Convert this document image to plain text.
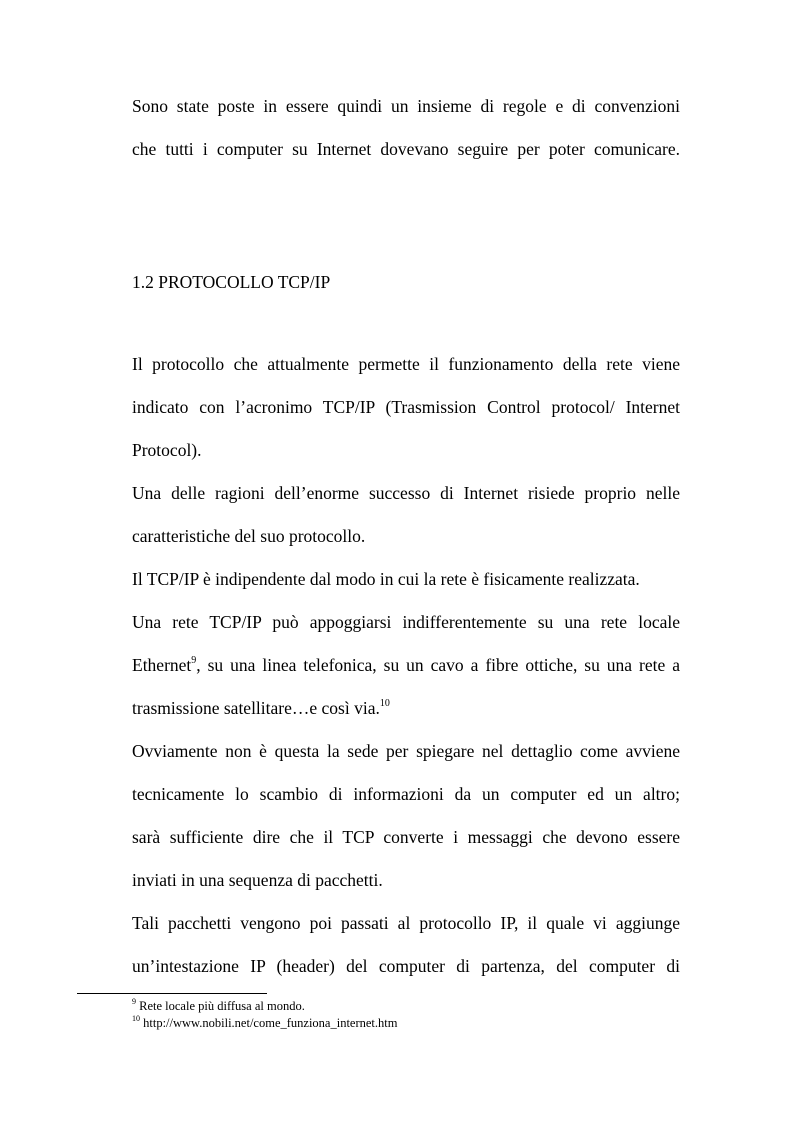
Sono state poste in essere quindi un insieme di regole e di convenzioni
che tutti i computer su Internet dovevano seguire per poter comunicare.
1.2 PROTOCOLLO TCP/IP
Il protocollo che attualmente permette il funzionamento della rete viene
indicato con l’acronimo TCP/IP (Trasmission Control protocol/ Internet
Protocol).
Una delle ragioni dell’enorme successo di Internet risiede proprio nelle
caratteristiche del suo protocollo.
Il TCP/IP è indipendente dal modo in cui la rete è fisicamente realizzata.
Una rete TCP/IP può appoggiarsi indifferentemente su una rete locale
Ethernet$^9$, su una linea telefonica, su un cavo a fibre ottiche, su una rete a
trasmissione satellitare…e così via.$^{10}$
Ovviamente non è questa la sede per spiegare nel dettaglio come avviene
tecnicamente lo scambio di informazioni da un computer ed un altro;
sarà sufficiente dire che il TCP converte i messaggi che devono essere
inviati in una sequenza di pacchetti.
Tali pacchetti vengono poi passati al protocollo IP, il quale vi aggiunge
un’intestazione IP (header) del computer di partenza, del computer di
$^9$ Rete locale più diffusa al mondo.
$^{10}$ http://www.nobili.net/come_funziona_internet.htm
